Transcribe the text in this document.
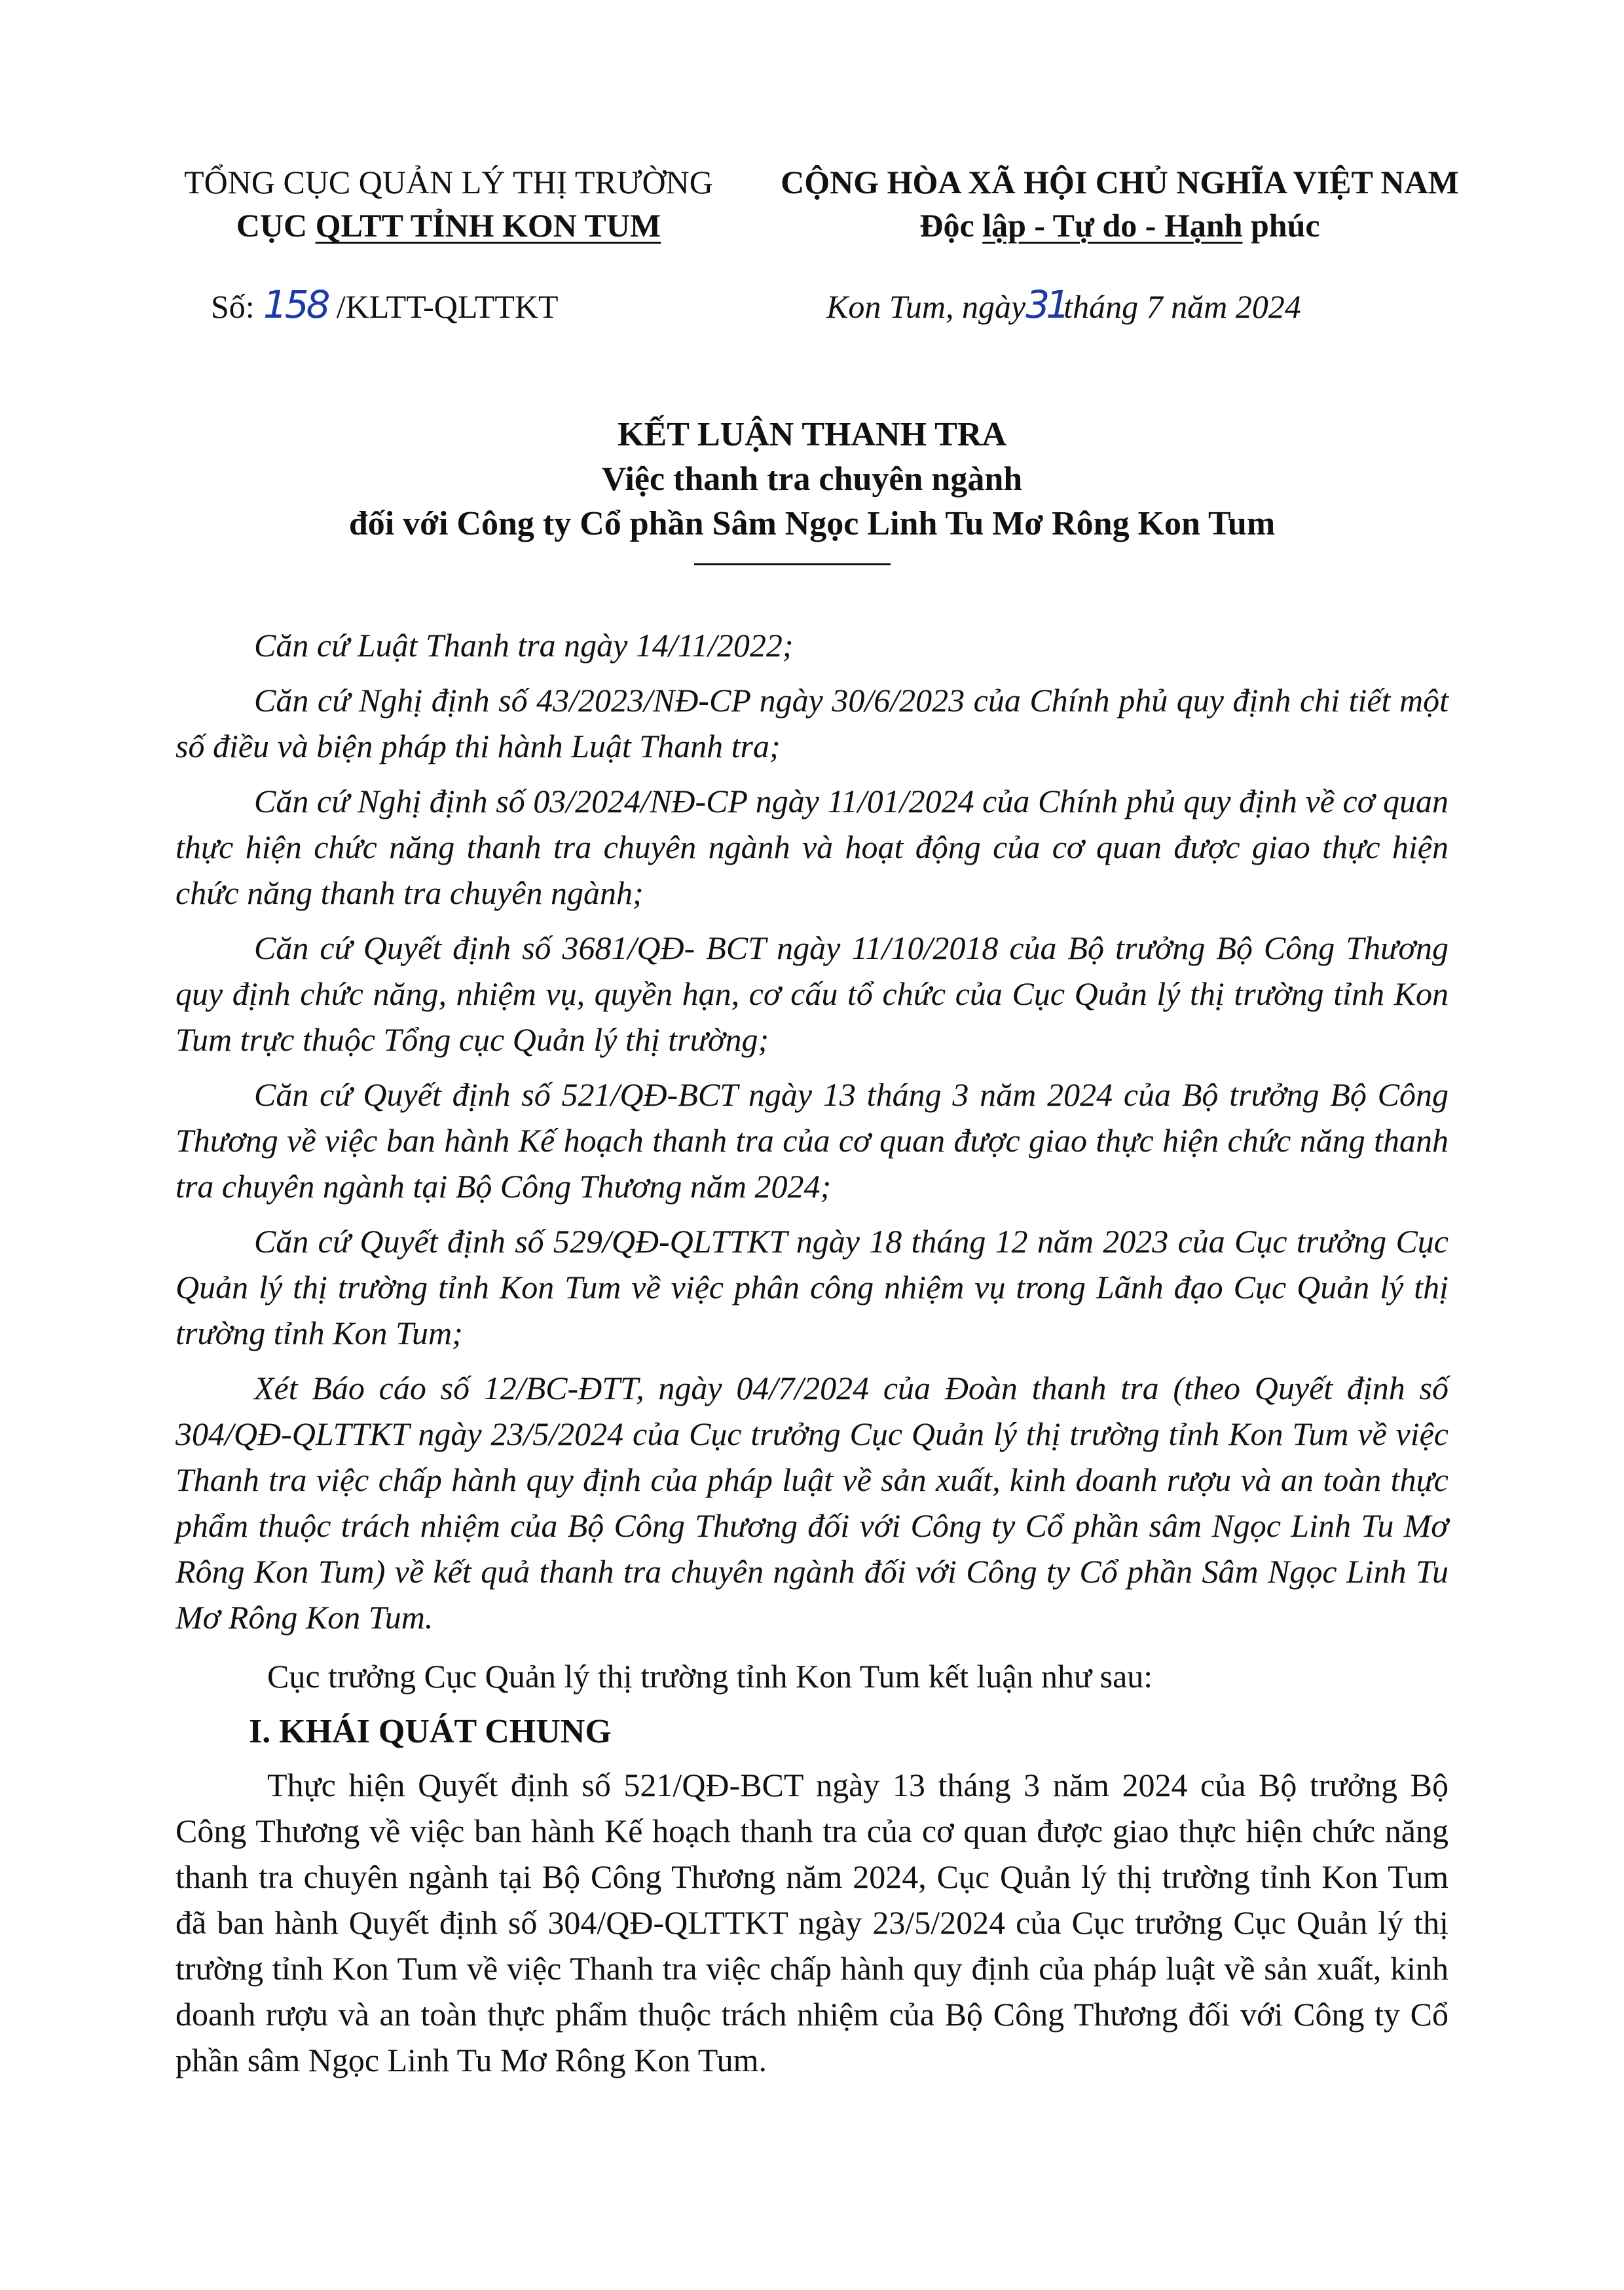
TỔNG CỤC QUẢN LÝ THỊ TRƯỜNG
CỤC QLTT TỈNH KON TUM
CỘNG HÒA XÃ HỘI CHỦ NGHĨA VIỆT NAM
Độc lập - Tự do - Hạnh phúc
Số: 158 /KLTT-QLTTKT	Kon Tum, ngày31tháng 7 năm 2024
KẾT LUẬN THANH TRA
Việc thanh tra chuyên ngành
đối với Công ty Cổ phần Sâm Ngọc Linh Tu Mơ Rông Kon Tum

Căn cứ Luật Thanh tra ngày 14/11/2022;

Căn cứ Nghị định số 43/2023/NĐ-CP ngày 30/6/2023 của Chính phủ quy định chi tiết một số điều và biện pháp thi hành Luật Thanh tra;

Căn cứ Nghị định số 03/2024/NĐ-CP ngày 11/01/2024 của Chính phủ quy định về cơ quan thực hiện chức năng thanh tra chuyên ngành và hoạt động của cơ quan được giao thực hiện chức năng thanh tra chuyên ngành;

Căn cứ Quyết định số 3681/QĐ- BCT ngày 11/10/2018 của Bộ trưởng Bộ Công Thương quy định chức năng, nhiệm vụ, quyền hạn, cơ cấu tổ chức của Cục Quản lý thị trường tỉnh Kon Tum trực thuộc Tổng cục Quản lý thị trường;

Căn cứ Quyết định số 521/QĐ-BCT ngày 13 tháng 3 năm 2024 của Bộ trưởng Bộ Công Thương về việc ban hành Kế hoạch thanh tra của cơ quan được giao thực hiện chức năng thanh tra chuyên ngành tại Bộ Công Thương năm 2024;

Căn cứ Quyết định số 529/QĐ-QLTTKT ngày 18 tháng 12 năm 2023 của Cục trưởng Cục Quản lý thị trường tỉnh Kon Tum về việc phân công nhiệm vụ trong Lãnh đạo Cục Quản lý thị trường tỉnh Kon Tum;

Xét Báo cáo số 12/BC-ĐTT, ngày 04/7/2024 của Đoàn thanh tra (theo Quyết định số 304/QĐ-QLTTKT ngày 23/5/2024 của Cục trưởng Cục Quản lý thị trường tỉnh Kon Tum về việc Thanh tra việc chấp hành quy định của pháp luật về sản xuất, kinh doanh rượu và an toàn thực phẩm thuộc trách nhiệm của Bộ Công Thương đối với Công ty Cổ phần sâm Ngọc Linh Tu Mơ Rông Kon Tum) về kết quả thanh tra chuyên ngành đối với Công ty Cổ phần Sâm Ngọc Linh Tu Mơ Rông Kon Tum.

Cục trưởng Cục Quản lý thị trường tỉnh Kon Tum kết luận như sau:

I. KHÁI QUÁT CHUNG

Thực hiện Quyết định số 521/QĐ-BCT ngày 13 tháng 3 năm 2024 của Bộ trưởng Bộ Công Thương về việc ban hành Kế hoạch thanh tra của cơ quan được giao thực hiện chức năng thanh tra chuyên ngành tại Bộ Công Thương năm 2024, Cục Quản lý thị trường tỉnh Kon Tum đã ban hành Quyết định số 304/QĐ-QLTTKT ngày 23/5/2024 của Cục trưởng Cục Quản lý thị trường tỉnh Kon Tum về việc Thanh tra việc chấp hành quy định của pháp luật về sản xuất, kinh doanh rượu và an toàn thực phẩm thuộc trách nhiệm của Bộ Công Thương đối với Công ty Cổ phần sâm Ngọc Linh Tu Mơ Rông Kon Tum.
